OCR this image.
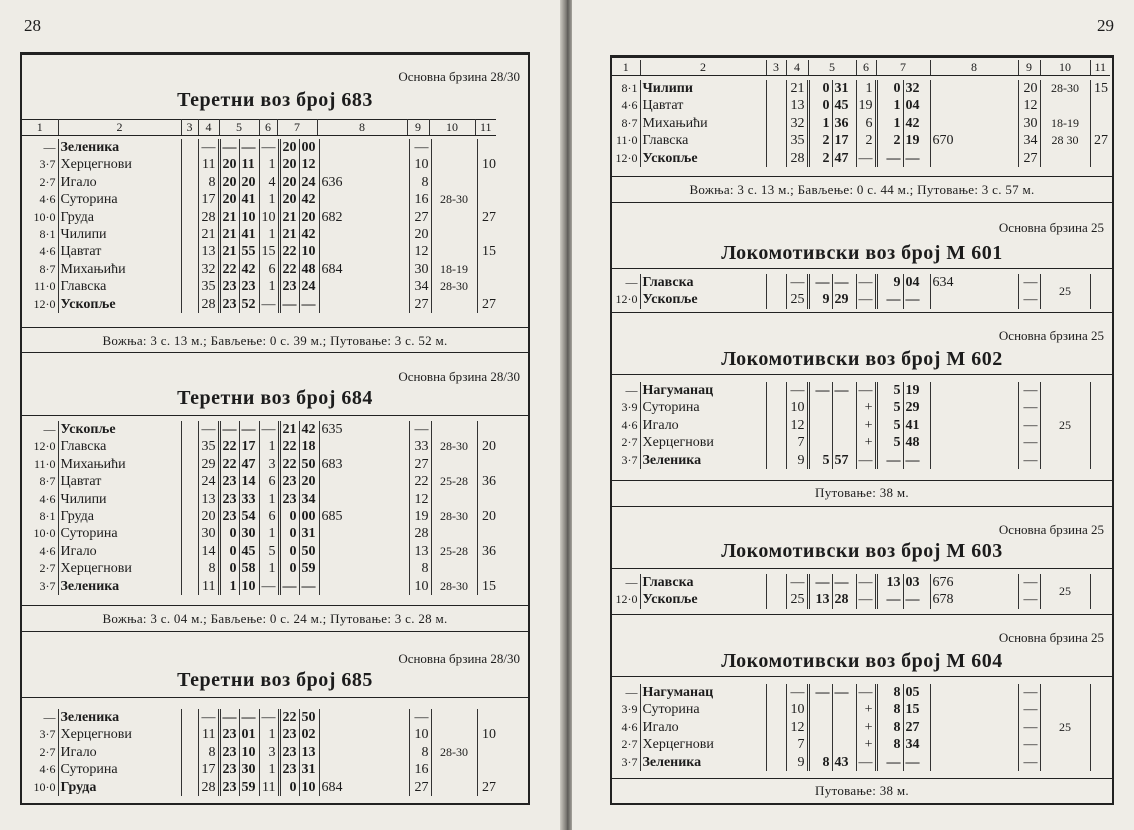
28
Основна брзина 28/30
Теретни воз број 683
1	2	3	4	5	6	7	8	9	10	11
—	Зеленика		—	—	—	—	20	00		—		
3·7	Херцегнови		11	20	11	1	20	12		10		10
2·7	Игало		8	20	20	4	20	24	636	8		
4·6	Суторина		17	20	41	1	20	42		16	28-30	
10·0	Груда		28	21	10	10	21	20	682	27		27
8·1	Чилипи		21	21	41	1	21	42		20		
4·6	Цавтат		13	21	55	15	22	10		12		15
8·7	Михањићи		32	22	42	6	22	48	684	30	18-19	
11·0	Главска		35	23	23	1	23	24		34	28-30	
12·0	Ускопље		28	23	52	—	—	—		27		27
Вожња: 3 с. 13 м.; Бављење: 0 с. 39 м.; Путовање: 3 с. 52 м.
Основна брзина 28/30
Теретни воз број 684
—	Ускопље		—	—	—	—	21	42	635	—		
12·0	Главска		35	22	17	1	22	18		33	28-30	20
11·0	Михањићи		29	22	47	3	22	50	683	27		
8·7	Цавтат		24	23	14	6	23	20		22	25-28	36
4·6	Чилипи		13	23	33	1	23	34		12		
8·1	Груда		20	23	54	6	0	00	685	19	28-30	20
10·0	Суторина		30	0	30	1	0	31		28		
4·6	Игало		14	0	45	5	0	50		13	25-28	36
2·7	Херцегнови		8	0	58	1	0	59		8		
3·7	Зеленика		11	1	10	—	—	—		10	28-30	15
Вожња: 3 с. 04 м.; Бављење: 0 с. 24 м.; Путовање: 3 с. 28 м.
Основна брзина 28/30
Теретни воз број 685
—	Зеленика		—	—	—	—	22	50		—		
3·7	Херцегнови		11	23	01	1	23	02		10		10
2·7	Игало		8	23	10	3	23	13		8	28-30	
4·6	Суторина		17	23	30	1	23	31		16		
10·0	Груда		28	23	59	11	0	10	684	27		27
29
1	2	3	4	5	6	7	8	9	10	11
8·1	Чилипи		21	0	31	1	0	32		20	28-30	15
4·6	Цавтат		13	0	45	19	1	04		12		
8·7	Михањићи		32	1	36	6	1	42		30	18-19	
11·0	Главска		35	2	17	2	2	19	670	34	28 30	27
12·0	Ускопље		28	2	47	—	—	—		27		
Вожња: 3 с. 13 м.; Бављење: 0 с. 44 м.; Путовање: 3 с. 57 м.
Основна брзина 25
Локомотивски воз број М 601
—	Главска		—	—	—	—	9	04	634	—	25	
12·0	Ускопље		25	9	29	—	—	—		—		
Основна брзина 25
Локомотивски воз број М 602
—	Нагуманац		—	—	—	—	5	19		—	25	
3·9	Суторина		10			+	5	29		—		
4·6	Игало		12			+	5	41		—		
2·7	Херцегнови		7			+	5	48		—		
3·7	Зеленика		9	5	57	—	—	—		—		
Путовање: 38 м.
Основна брзина 25
Локомотивски воз број М 603
—	Главска		—	—	—	—	13	03	676	—	25	
12·0	Ускопље		25	13	28	—	—	—	678	—		
Основна брзина 25
Локомотивски воз број М 604
—	Нагуманац		—	—	—	—	8	05		—	25	
3·9	Суторина		10			+	8	15		—		
4·6	Игало		12			+	8	27		—		
2·7	Херцегнови		7			+	8	34		—		
3·7	Зеленика		9	8	43	—	—	—		—		
Путовање: 38 м.
